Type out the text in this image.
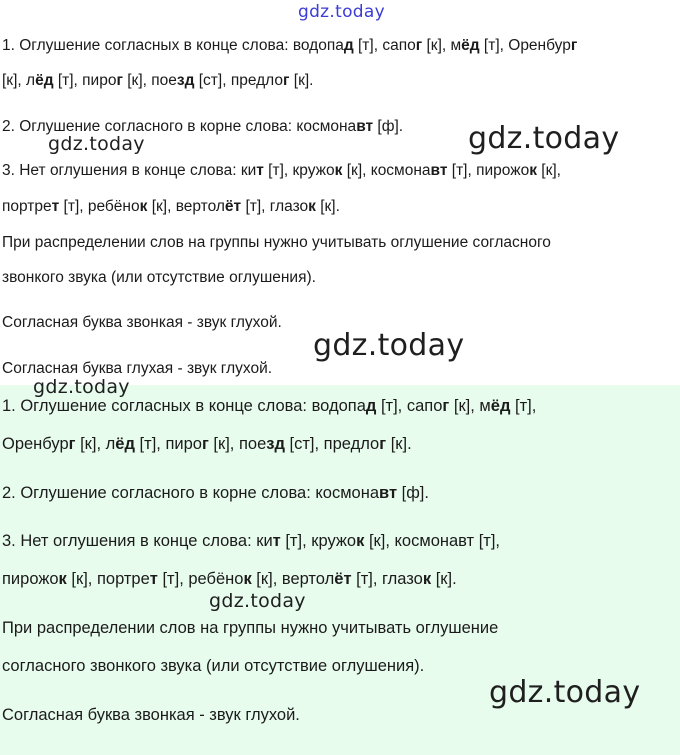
1. Оглушение согласных в конце слова: водопад [т], сапог [к], мёд [т], Оренбург
[к], лёд [т], пирог [к], поезд [ст], предлог [к].
2. Оглушение согласного в корне слова: космонавт [ф].
3. Нет оглушения в конце слова: кит [т], кружок [к], космонавт [т], пирожок [к],
портрет [т], ребёнок [к], вертолёт [т], глазок [к].
При распределении слов на группы нужно учитывать оглушение согласного
звонкого звука (или отсутствие оглушения).
Согласная буква звонкая - звук глухой.
Согласная буква глухая - звук глухой.
1. Оглушение согласных в конце слова: водопад [т], сапог [к], мёд [т],
Оренбург [к], лёд [т], пирог [к], поезд [ст], предлог [к].
2. Оглушение согласного в корне слова: космонавт [ф].
3. Нет оглушения в конце слова: кит [т], кружок [к], космонавт [т],
пирожок [к], портрет [т], ребёнок [к], вертолёт [т], глазок [к].
При распределении слов на группы нужно учитывать оглушение
согласного звонкого звука (или отсутствие оглушения).
Согласная буква звонкая - звук глухой.
gdz.today
gdz.today
gdz.today
gdz.today
gdz.today
gdz.today
gdz.today
